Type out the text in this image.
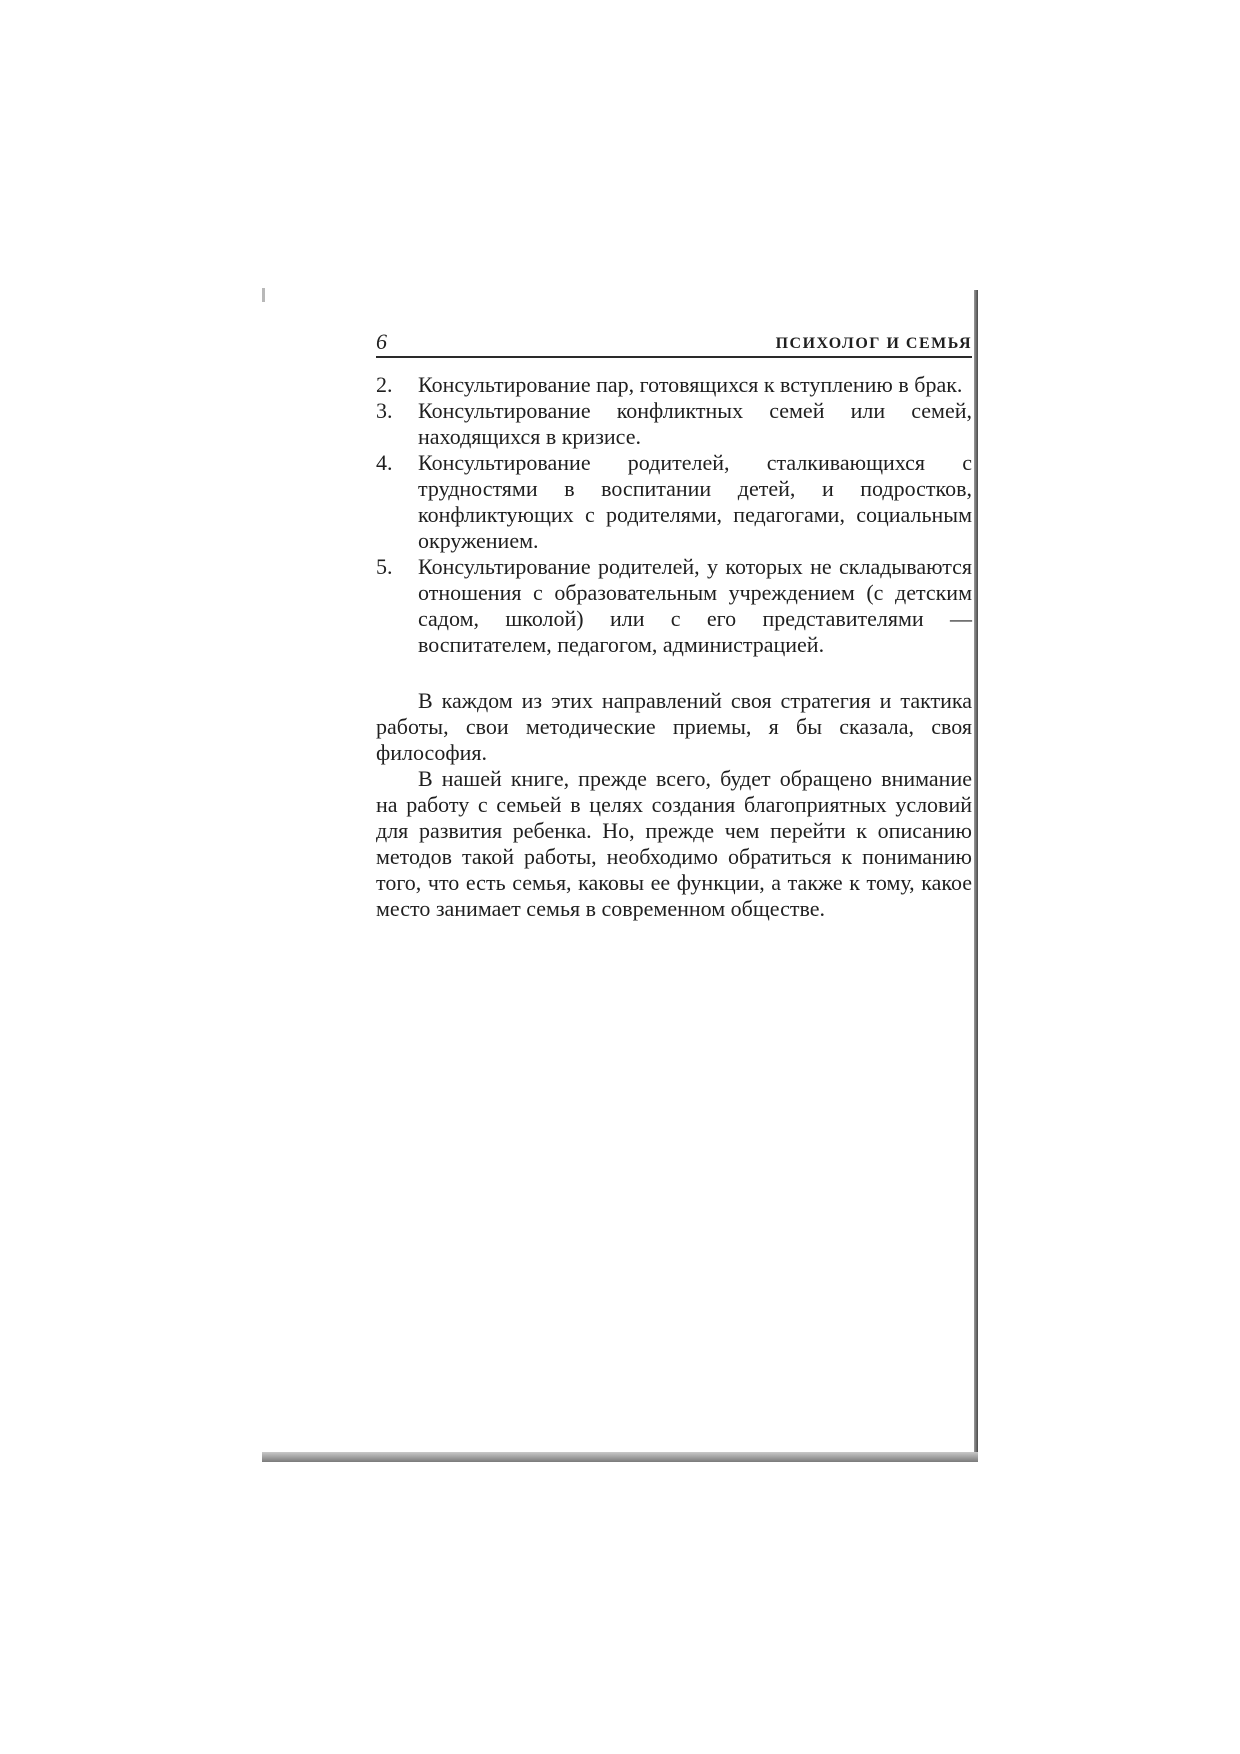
6	ПСИХОЛОГ И СЕМЬЯ
2.	Консультирование пар, готовящихся к вступлению в брак.
3.	Консультирование конфликтных семей или семей, находящихся в кризисе.
4.	Консультирование родителей, сталкивающихся с трудностями в воспитании детей, и подростков, конфликтующих с родителями, педагогами, социальным окружением.
5.	Консультирование родителей, у которых не складываются отношения с образовательным учреждением (с детским садом, школой) или с его представителями — воспитателем, педагогом, администрацией.

В каждом из этих направлений своя стратегия и тактика работы, свои методические приемы, я бы сказала, своя философия.

В нашей книге, прежде всего, будет обращено внимание на работу с семьей в целях создания благоприятных условий для развития ребенка. Но, прежде чем перейти к описанию методов такой работы, необходимо обратиться к пониманию того, что есть семья, каковы ее функции, а также к тому, какое место занимает семья в современном обществе.
